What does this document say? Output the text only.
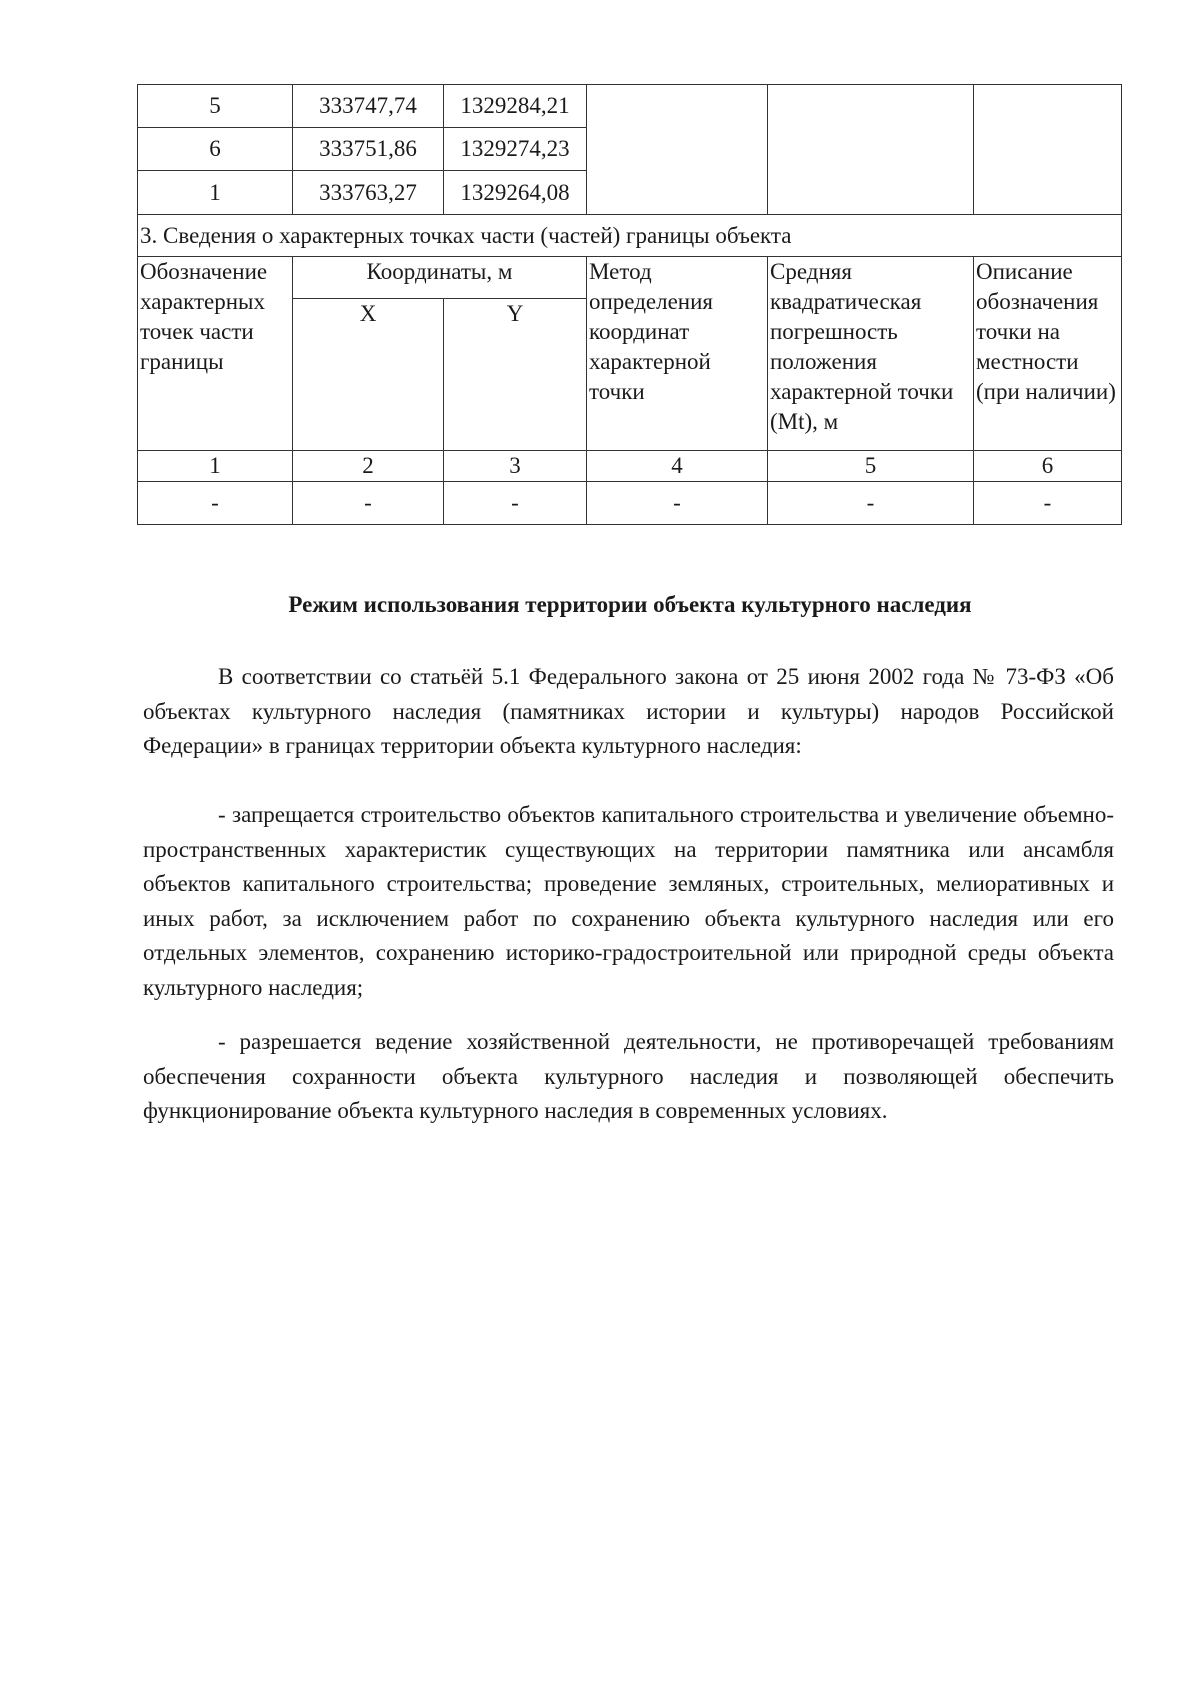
5	333747,74	1329284,21			
6	333751,86	1329274,23			
1	333763,27	1329264,08			
3. Сведения о характерных точках части (частей) границы объекта					
Обозначение характерных точек части границы	Координаты, м		Метод определения координат характерной точки	Средняя квадратическая погрешность положения характерной точки (Mt), м	Описание обозначения точки на местности (при наличии)
	X	Y			
1	2	3	4	5	6
-	-	-	-	-	-
Режим использования территории объекта культурного наследия

В соответствии со статьёй 5.1 Федерального закона от 25 июня 2002 года № 73-ФЗ «Об объектах культурного наследия (памятниках истории и культуры) народов Российской Федерации» в границах территории объекта культурного наследия:

- запрещается строительство объектов капитального строительства и увеличение объемно-пространственных характеристик существующих на территории памятника или ансамбля объектов капитального строительства; проведение земляных, строительных, мелиоративных и иных работ, за исключением работ по сохранению объекта культурного наследия или его отдельных элементов, сохранению историко-градостроительной или природной среды объекта культурного наследия;

- разрешается ведение хозяйственной деятельности, не противоречащей требованиям обеспечения сохранности объекта культурного наследия и позволяющей обеспечить функционирование объекта культурного наследия в современных условиях.
